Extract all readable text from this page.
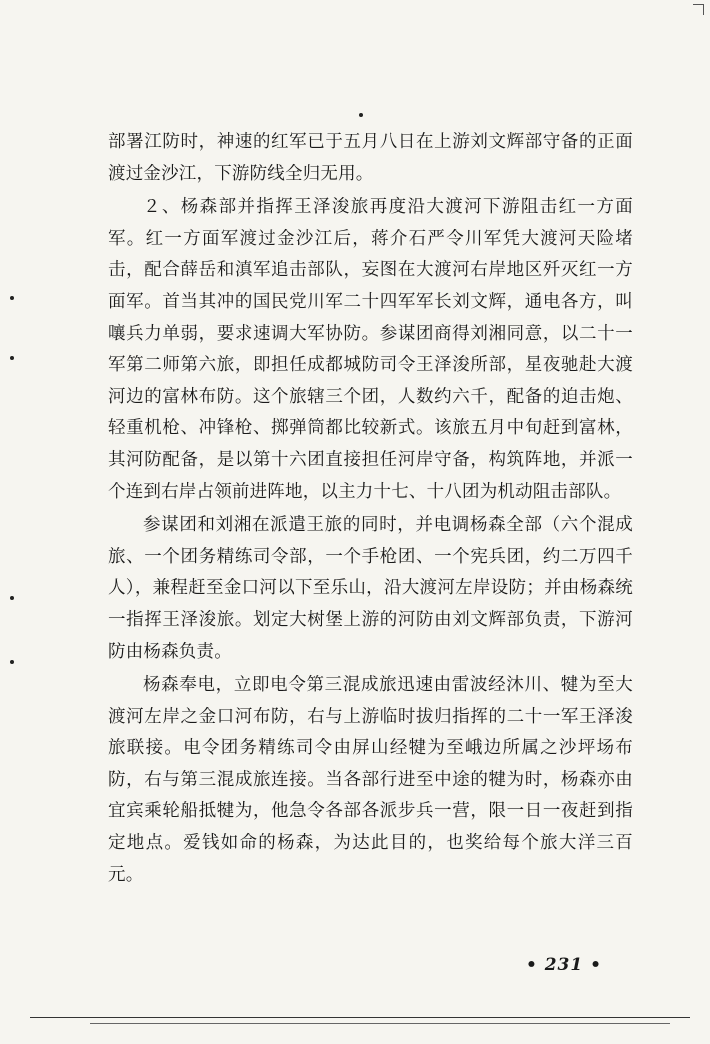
部署江防时，神速的红军已于五月八日在上游刘文辉部守备的正面渡过金沙江，下游防线全归无用。

２、杨森部并指挥王泽浚旅再度沿大渡河下游阻击红一方面军。红一方面军渡过金沙江后，蒋介石严令川军凭大渡河天险堵击，配合薛岳和滇军追击部队，妄图在大渡河右岸地区歼灭红一方面军。首当其冲的国民党川军二十四军军长刘文辉，通电各方，叫嚷兵力单弱，要求速调大军协防。参谋团商得刘湘同意，以二十一军第二师第六旅，即担任成都城防司令王泽浚所部，星夜驰赴大渡河边的富林布防。这个旅辖三个团，人数约六千，配备的迫击炮、轻重机枪、冲锋枪、掷弹筒都比较新式。该旅五月中旬赶到富林，其河防配备，是以第十六团直接担任河岸守备，构筑阵地，并派一个连到右岸占领前进阵地，以主力十七、十八团为机动阻击部队。

参谋团和刘湘在派遣王旅的同时，并电调杨森全部（六个混成旅、一个团务精练司令部，一个手枪团、一个宪兵团，约二万四千人），兼程赶至金口河以下至乐山，沿大渡河左岸设防；并由杨森统一指挥王泽浚旅。划定大树堡上游的河防由刘文辉部负责，下游河防由杨森负责。

杨森奉电，立即电令第三混成旅迅速由雷波经沐川、犍为至大渡河左岸之金口河布防，右与上游临时拔归指挥的二十一军王泽浚旅联接。电令团务精练司令由屏山经犍为至峨边所属之沙坪场布防，右与第三混成旅连接。当各部行进至中途的犍为时，杨森亦由宜宾乘轮船抵犍为，他急令各部各派步兵一营，限一日一夜赶到指定地点。爱钱如命的杨森，为达此目的，也奖给每个旅大洋三百元。

• 231 •
